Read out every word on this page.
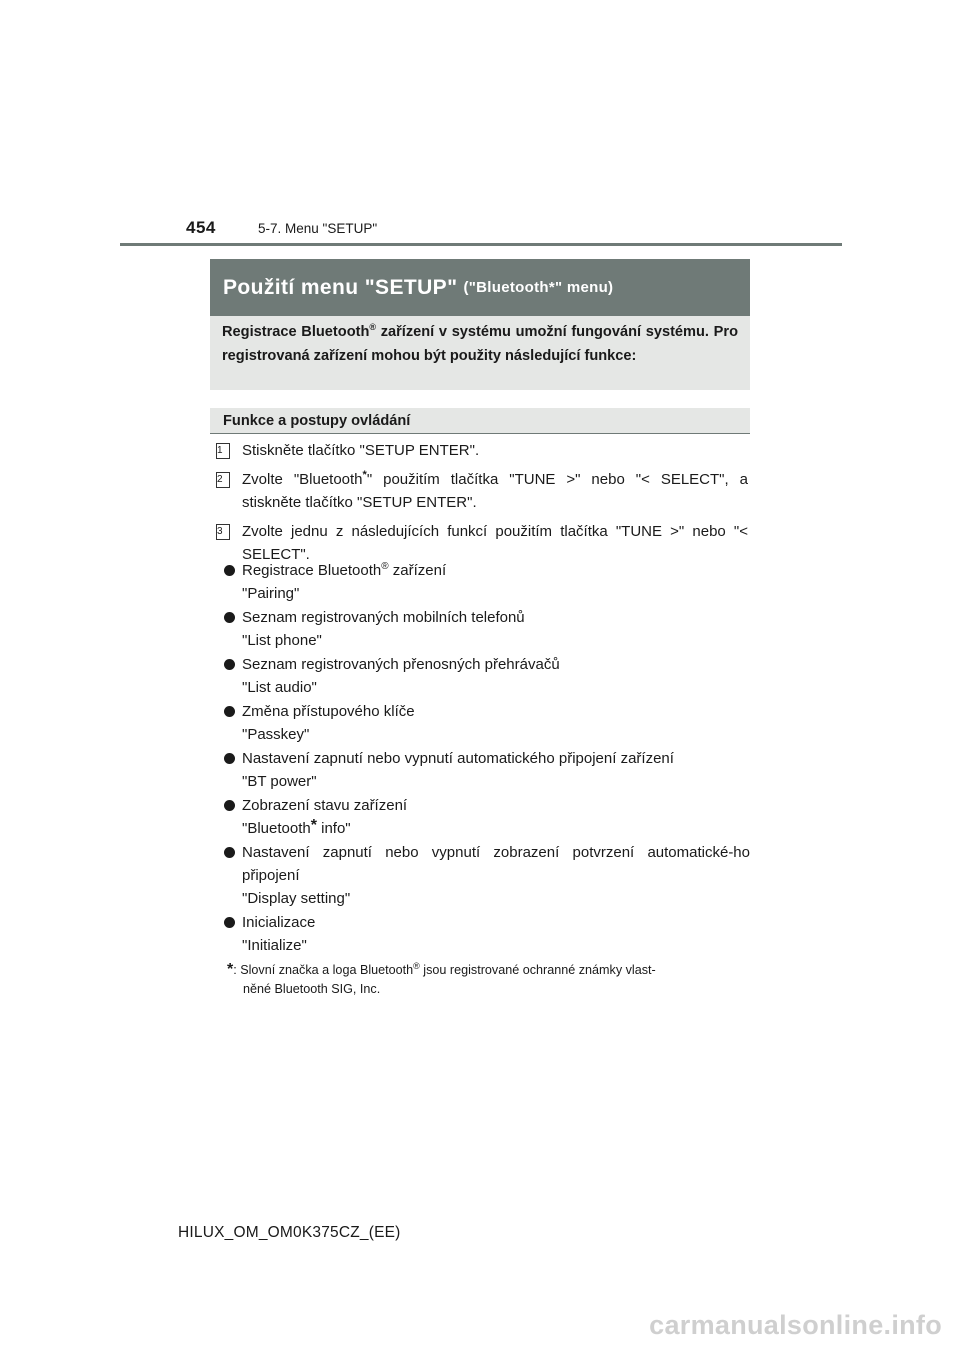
454	5-7. Menu "SETUP"
Použití menu "SETUP" ("Bluetooth*" menu)
Registrace Bluetooth® zařízení v systému umožní fungování systému. Pro registrovaná zařízení mohou být použity následující funkce:
Funkce a postupy ovládání
1	Stiskněte tlačítko "SETUP ENTER".
2	Zvolte "Bluetooth*" použitím tlačítka "TUNE >" nebo "< SELECT", a stiskněte tlačítko "SETUP ENTER".
3	Zvolte jednu z následujících funkcí použitím tlačítka "TUNE >" nebo "< SELECT".
Registrace Bluetooth® zařízení
"Pairing"
Seznam registrovaných mobilních telefonů
"List phone"
Seznam registrovaných přenosných přehrávačů
"List audio"
Změna přístupového klíče
"Passkey"
Nastavení zapnutí nebo vypnutí automatického připojení zařízení
"BT power"
Zobrazení stavu zařízení
"Bluetooth* info"
Nastavení zapnutí nebo vypnutí zobrazení potvrzení automatické-ho připojení
"Display setting"
Inicializace
"Initialize"
*: Slovní značka a loga Bluetooth® jsou registrované ochranné známky vlast-
něné Bluetooth SIG, Inc.
HILUX_OM_OM0K375CZ_(EE)
carmanualsonline.info
